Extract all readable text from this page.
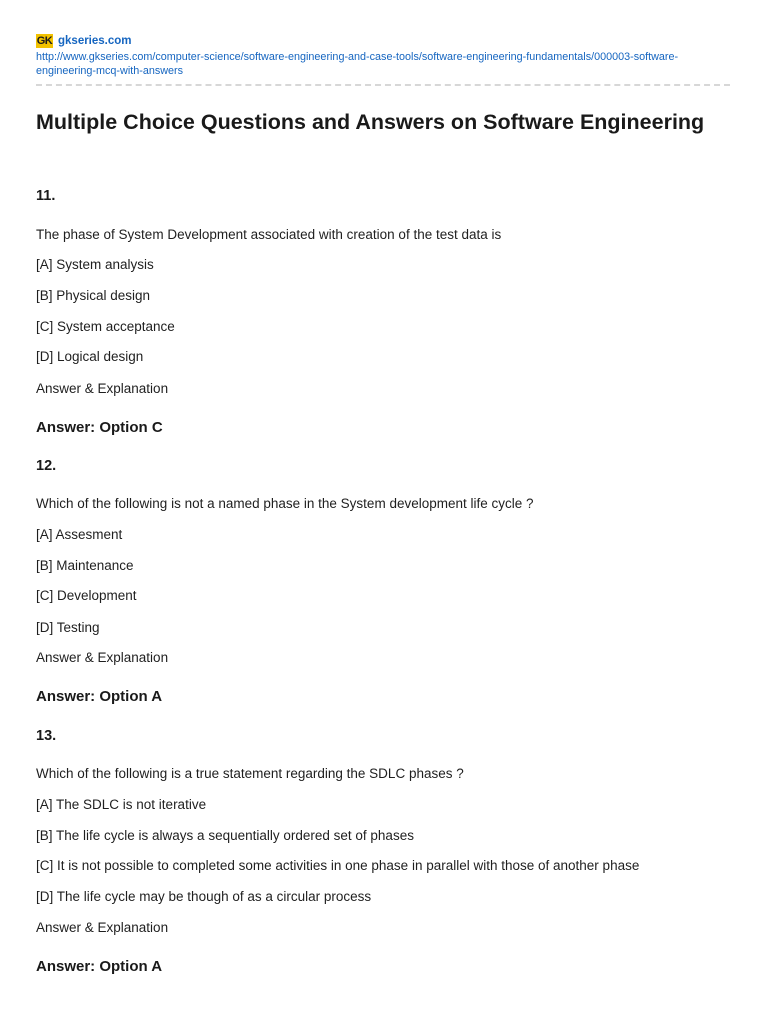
GK gkseries.com
http://www.gkseries.com/computer-science/software-engineering-and-case-tools/software-engineering-fundamentals/000003-software-engineering-mcq-with-answers
Multiple Choice Questions and Answers on Software Engineering
11.
The phase of System Development associated with creation of the test data is
[A] System analysis
[B] Physical design
[C] System acceptance
[D] Logical design
Answer & Explanation
Answer: Option C
12.
Which of the following is not a named phase in the System development life cycle ?
[A] Assesment
[B] Maintenance
[C] Development
[D] Testing
Answer & Explanation
Answer: Option A
13.
Which of the following is a true statement regarding the SDLC phases ?
[A] The SDLC is not iterative
[B] The life cycle is always a sequentially ordered set of phases
[C] It is not possible to completed some activities in one phase in parallel with those of another phase
[D] The life cycle may be though of as a circular process
Answer & Explanation
Answer: Option A
